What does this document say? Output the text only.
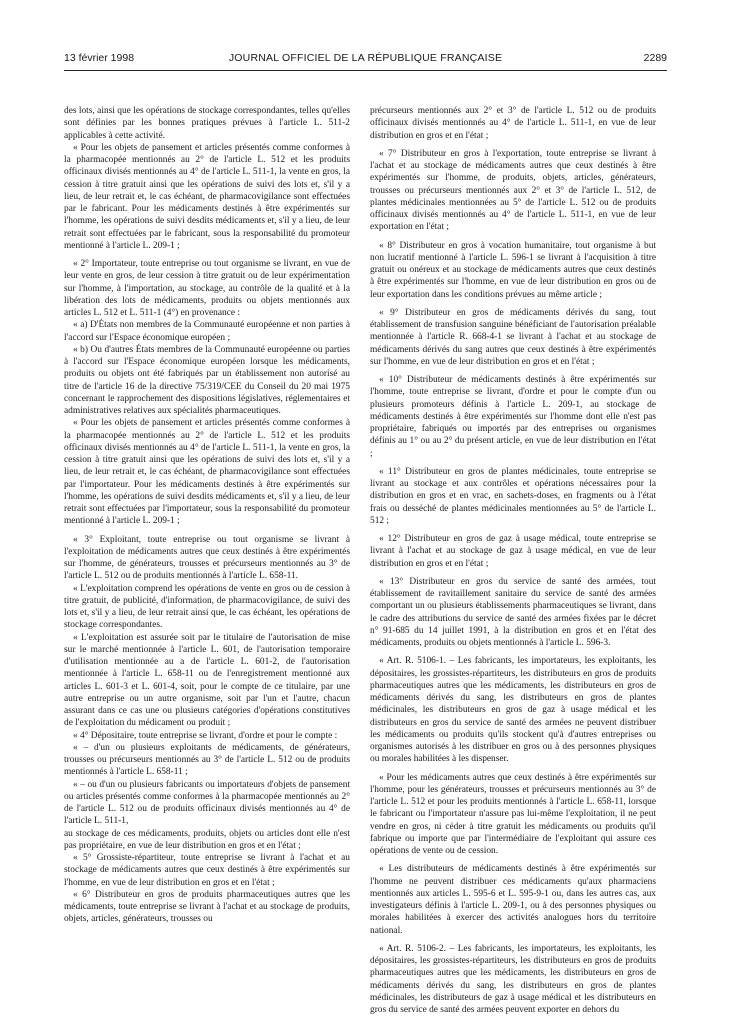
13 février 1998	JOURNAL OFFICIEL DE LA RÉPUBLIQUE FRANÇAISE	2289

des lots, ainsi que les opérations de stockage correspondantes, telles qu'elles sont définies par les bonnes pratiques prévues à l'article L. 511-2 applicables à cette activité.

« Pour les objets de pansement et articles présentés comme conformes à la pharmacopée mentionnés au 2° de l'article L. 512 et les produits officinaux divisés mentionnés au 4° de l'article L. 511-1, la vente en gros, la cession à titre gratuit ainsi que les opérations de suivi des lots et, s'il y a lieu, de leur retrait et, le cas échéant, de pharmacovigilance sont effectuées par le fabricant. Pour les médicaments destinés à être expérimentés sur l'homme, les opérations de suivi desdits médicaments et, s'il y a lieu, de leur retrait sont effectuées par le fabricant, sous la responsabilité du promoteur mentionné à l'article L. 209-1 ;

« 2° Importateur, toute entreprise ou tout organisme se livrant, en vue de leur vente en gros, de leur cession à titre gratuit ou de leur expérimentation sur l'homme, à l'importation, au stockage, au contrôle de la qualité et à la libération des lots de médicaments, produits ou objets mentionnés aux articles L. 512 et L. 511-1 (4°) en provenance :

« a) D'États non membres de la Communauté européenne et non parties à l'accord sur l'Espace économique européen ;

« b) Ou d'autres États membres de la Communauté européenne ou parties à l'accord sur l'Espace économique européen lorsque les médicaments, produits ou objets ont été fabriqués par un établissement non autorisé au titre de l'article 16 de la directive 75/319/CEE du Conseil du 20 mai 1975 concernant le rapprochement des dispositions législatives, réglementaires et administratives relatives aux spécialités pharmaceutiques.

« Pour les objets de pansement et articles présentés comme conformes à la pharmacopée mentionnés au 2° de l'article L. 512 et les produits officinaux divisés mentionnés au 4° de l'article L. 511-1, la vente en gros, la cession à titre gratuit ainsi que les opérations de suivi des lots et, s'il y a lieu, de leur retrait et, le cas échéant, de pharmacovigilance sont effectuées par l'importateur. Pour les médicaments destinés à être expérimentés sur l'homme, les opérations de suivi desdits médicaments et, s'il y a lieu, de leur retrait sont effectuées par l'importateur, sous la responsabilité du promoteur mentionné à l'article L. 209-1 ;

« 3° Exploitant, toute entreprise ou tout organisme se livrant à l'exploitation de médicaments autres que ceux destinés à être expérimentés sur l'homme, de générateurs, trousses et précurseurs mentionnés au 3° de l'article L. 512 ou de produits mentionnés à l'article L. 658-11.

« L'exploitation comprend les opérations de vente en gros ou de cession à titre gratuit, de publicité, d'information, de pharmacovigilance, de suivi des lots et, s'il y a lieu, de leur retrait ainsi que, le cas échéant, les opérations de stockage correspondantes.

« L'exploitation est assurée soit par le titulaire de l'autorisation de mise sur le marché mentionnée à l'article L. 601, de l'autorisation temporaire d'utilisation mentionnée au a de l'article L. 601-2, de l'autorisation mentionnée à l'article L. 658-11 ou de l'enregistrement mentionné aux articles L. 601-3 et L. 601-4, soit, pour le compte de ce titulaire, par une autre entreprise ou un autre organisme, soit par l'un et l'autre, chacun assurant dans ce cas une ou plusieurs catégories d'opérations constitutives de l'exploitation du médicament ou produit ;

« 4° Dépositaire, toute entreprise se livrant, d'ordre et pour le compte :

« – d'un ou plusieurs exploitants de médicaments, de générateurs, trousses ou précurseurs mentionnés au 3° de l'article L. 512 ou de produits mentionnés à l'article L. 658-11 ;

« – ou d'un ou plusieurs fabricants ou importateurs d'objets de pansement ou articles présentés comme conformes à la pharmacopée mentionnés au 2° de l'article L. 512 ou de produits officinaux divisés mentionnés au 4° de l'article L. 511-1,

au stockage de ces médicaments, produits, objets ou articles dont elle n'est pas propriétaire, en vue de leur distribution en gros et en l'état ;

« 5° Grossiste-répartiteur, toute entreprise se livrant à l'achat et au stockage de médicaments autres que ceux destinés à être expérimentés sur l'homme, en vue de leur distribution en gros et en l'état ;

« 6° Distributeur en gros de produits pharmaceutiques autres que les médicaments, toute entreprise se livrant à l'achat et au stockage de produits, objets, articles, générateurs, trousses ou

précurseurs mentionnés aux 2° et 3° de l'article L. 512 ou de produits officinaux divisés mentionnés au 4° de l'article L. 511-1, en vue de leur distribution en gros et en l'état ;

« 7° Distributeur en gros à l'exportation, toute entreprise se livrant à l'achat et au stockage de médicaments autres que ceux destinés à être expérimentés sur l'homme, de produits, objets, articles, générateurs, trousses ou précurseurs mentionnés aux 2° et 3° de l'article L. 512, de plantes médicinales mentionnées au 5° de l'article L. 512 ou de produits officinaux divisés mentionnés au 4° de l'article L. 511-1, en vue de leur exportation en l'état ;

« 8° Distributeur en gros à vocation humanitaire, tout organisme à but non lucratif mentionné à l'article L. 596-1 se livrant à l'acquisition à titre gratuit ou onéreux et au stockage de médicaments autres que ceux destinés à être expérimentés sur l'homme, en vue de leur distribution en gros ou de leur exportation dans les conditions prévues au même article ;

« 9° Distributeur en gros de médicaments dérivés du sang, tout établissement de transfusion sanguine bénéficiant de l'autorisation préalable mentionnée à l'article R. 668-4-1 se livrant à l'achat et au stockage de médicaments dérivés du sang autres que ceux destinés à être expérimentés sur l'homme, en vue de leur distribution en gros et en l'état ;

« 10° Distributeur de médicaments destinés à être expérimentés sur l'homme, toute entreprise se livrant, d'ordre et pour le compte d'un ou plusieurs promoteurs définis à l'article L. 209-1, au stockage de médicaments destinés à être expérimentés sur l'homme dont elle n'est pas propriétaire, fabriqués ou importés par des entreprises ou organismes définis au 1° ou au 2° du présent article, en vue de leur distribution en l'état ;

« 11° Distributeur en gros de plantes médicinales, toute entreprise se livrant au stockage et aux contrôles et opérations nécessaires pour la distribution en gros et en vrac, en sachets-doses, en fragments ou à l'état frais ou desséché de plantes médicinales mentionnées au 5° de l'article L. 512 ;

« 12° Distributeur en gros de gaz à usage médical, toute entreprise se livrant à l'achat et au stockage de gaz à usage médical, en vue de leur distribution en gros et en l'état ;

« 13° Distributeur en gros du service de santé des armées, tout établissement de ravitaillement sanitaire du service de santé des armées comportant un ou plusieurs établissements pharmaceutiques se livrant, dans le cadre des attributions du service de santé des armées fixées par le décret n° 91-685 du 14 juillet 1991, à la distribution en gros et en l'état des médicaments, produits ou objets mentionnés à l'article L. 596-3.

« Art. R. 5106-1. – Les fabricants, les importateurs, les exploitants, les dépositaires, les grossistes-répartiteurs, les distributeurs en gros de produits pharmaceutiques autres que les médicaments, les distributeurs en gros de médicaments dérivés du sang, les distributeurs en gros de plantes médicinales, les distributeurs en gros de gaz à usage médical et les distributeurs en gros du service de santé des armées ne peuvent distribuer les médicaments ou produits qu'ils stockent qu'à d'autres entreprises ou organismes autorisés à les distribuer en gros ou à des personnes physiques ou morales habilitées à les dispenser.

« Pour les médicaments autres que ceux destinés à être expérimentés sur l'homme, pour les générateurs, trousses et précurseurs mentionnés au 3° de l'article L. 512 et pour les produits mentionnés à l'article L. 658-11, lorsque le fabricant ou l'importateur n'assure pas lui-même l'exploitation, il ne peut vendre en gros, ni céder à titre gratuit les médicaments ou produits qu'il fabrique ou importe que par l'intermédiaire de l'exploitant qui assure ces opérations de vente ou de cession.

« Les distributeurs de médicaments destinés à être expérimentés sur l'homme ne peuvent distribuer ces médicaments qu'aux pharmaciens mentionnés aux articles L. 595-6 et L. 595-9-1 ou, dans les autres cas, aux investigateurs définis à l'article L. 209-1, ou à des personnes physiques ou morales habilitées à exercer des activités analogues hors du territoire national.

« Art. R. 5106-2. – Les fabricants, les importateurs, les exploitants, les dépositaires, les grossistes-répartiteurs, les distributeurs en gros de produits pharmaceutiques autres que les médicaments, les distributeurs en gros de médicaments dérivés du sang, les distributeurs en gros de plantes médicinales, les distributeurs de gaz à usage médical et les distributeurs en gros du service de santé des armées peuvent exporter en dehors du
